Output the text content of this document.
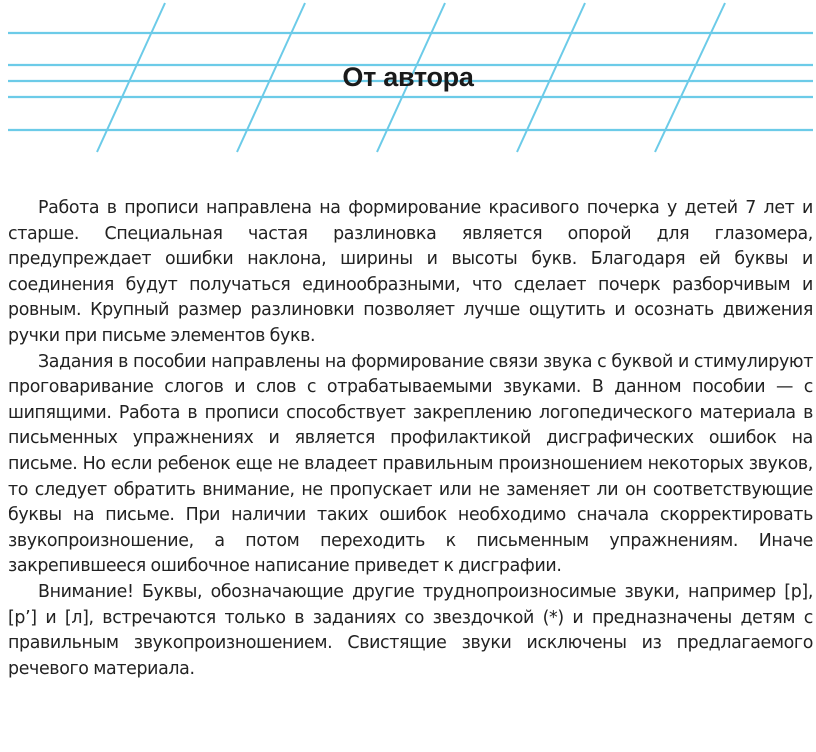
От автора

Работа в прописи направлена на формирование красивого почерка у детей 7 лет и старше. Специальная частая разлиновка является опорой для глазомера, предупреждает ошибки наклона, ширины и высоты букв. Благодаря ей буквы и соединения будут получаться единообразными, что сделает почерк разборчивым и ровным. Крупный размер разлиновки позволяет лучше ощутить и осознать движения ручки при письме элементов букв.

Задания в пособии направлены на формирование связи звука с буквой и стимулируют проговаривание слогов и слов с отрабатываемыми звуками. В данном пособии — с шипящими. Работа в прописи способствует закреплению логопедического материала в письменных упражнениях и является профилактикой дисграфических ошибок на письме. Но если ребенок еще не владеет правильным произношением некоторых звуков, то следует обратить внимание, не пропускает или не заменяет ли он соответствующие буквы на письме. При наличии таких ошибок необходимо сначала скорректировать звукопроизношение, а потом переходить к письменным упражнениям. Иначе закрепившееся ошибочное написание приведет к дисграфии.

Внимание! Буквы, обозначающие другие труднопроизносимые звуки, например [р], [р’] и [л], встречаются только в заданиях со звездочкой (*) и предназначены детям с правильным звукопроизношением. Свистящие звуки исключены из предлагаемого речевого материала.
